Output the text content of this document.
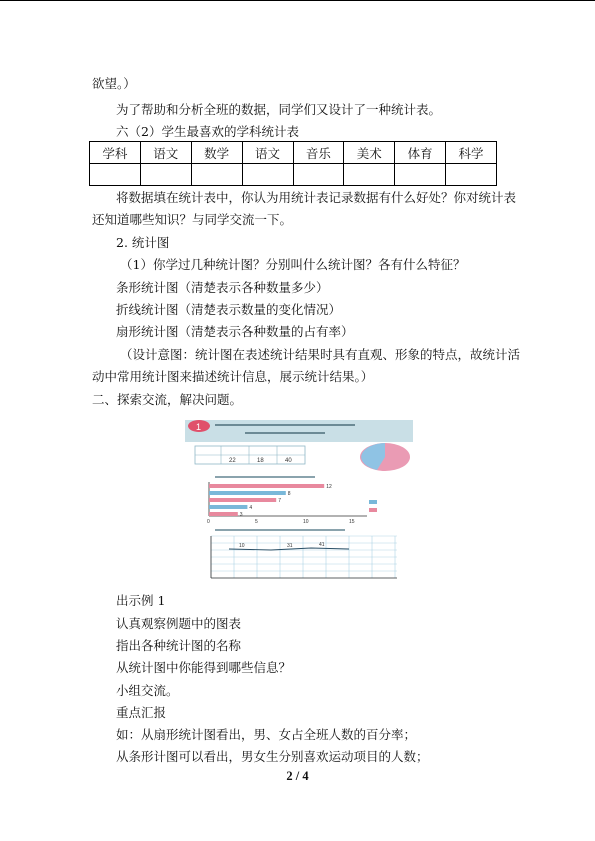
欲望。）
为了帮助和分析全班的数据，同学们又设计了一种统计表。
六（2）学生最喜欢的学科统计表
学科	语文	数学	语文	音乐	美术	体育	科学

将数据填在统计表中，你认为用统计表记录数据有什么好处？你对统计表
还知道哪些知识？与同学交流一下。
2. 统计图
（1）你学过几种统计图？分别叫什么统计图？各有什么特征？
条形统计图（清楚表示各种数量多少）
折线统计图（清楚表示数量的变化情况）
扇形统计图（清楚表示各种数量的占有率）
（设计意图：统计图在表述统计结果时具有直观、形象的特点，故统计活
动中常用统计图来描述统计信息，展示统计结果。）
二、探索交流，解决问题。
1
22	18	40
12
8
7
4
3
0	5	10	15
10	31	41
出示例 1
认真观察例题中的图表
指出各种统计图的名称
从统计图中你能得到哪些信息？
小组交流。
重点汇报
如：从扇形统计图看出，男、女占全班人数的百分率；
从条形计图可以看出，男女生分别喜欢运动项目的人数；
2 / 4
